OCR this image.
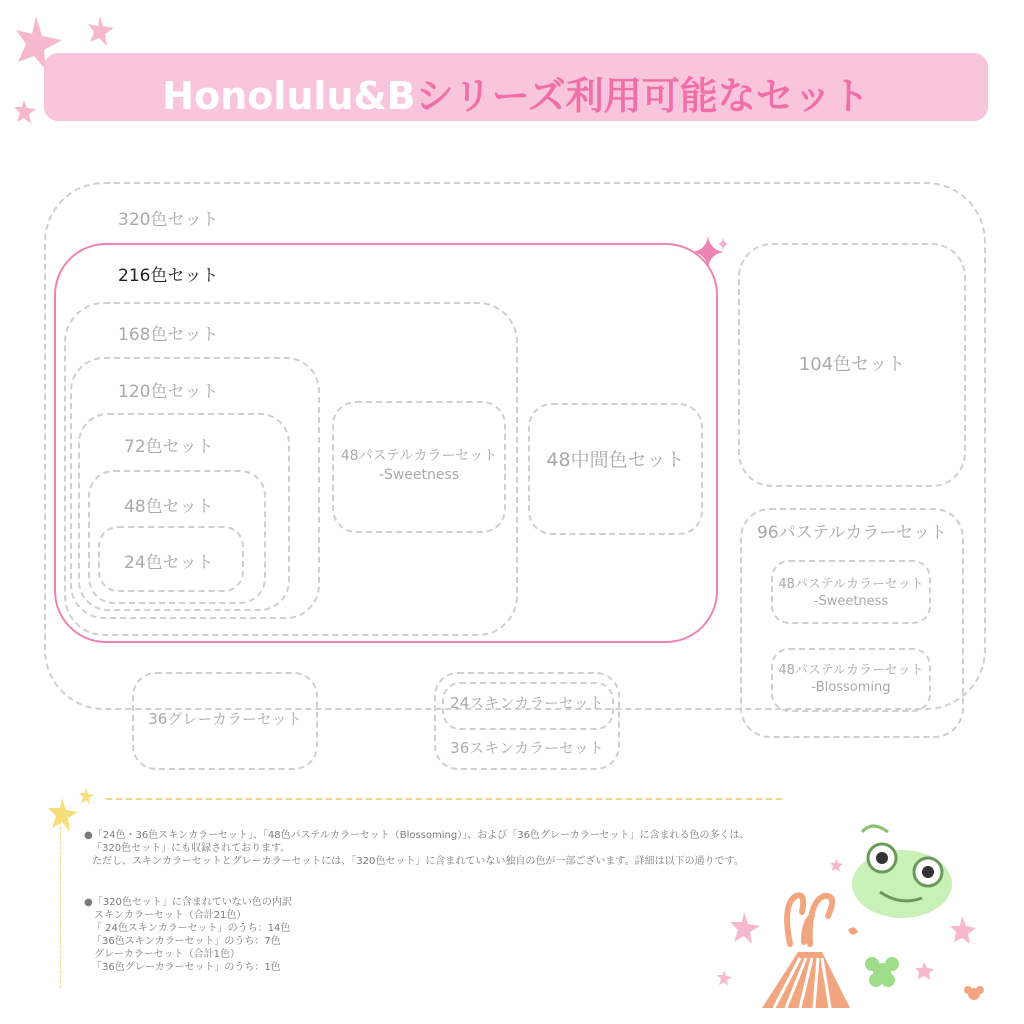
Honolulu&Bシリーズ利用可能なセット
320色セット
216色セット
168色セット
120色セット
72色セット
48色セット
24色セット
48パステルカラーセット
-Sweetness
48中間色セット
104色セット
96パステルカラーセット
48パステルカラーセット
-Sweetness
48パステルカラーセット
-Blossoming
36グレーカラーセット
24スキンカラーセット
36スキンカラーセット
●「24色・36色スキンカラーセット」、「48色パステルカラーセット（Blossoming）」、および「36色グレーカラーセット」に含まれる色の多くは、
「320色セット」にも収録されております。
ただし、スキンカラーセットとグレーカラーセットには、「320色セット」に含まれていない独自の色が一部ございます。詳細は以下の通りです。
●「320色セット」に含まれていない色の内訳
スキンカラーセット（合計21色）
「 24色スキンカラーセット」のうち：14色
「36色スキンカラーセット」のうち：7色
グレーカラーセット（合計1色）
「36色グレーカラーセット」のうち：1色
